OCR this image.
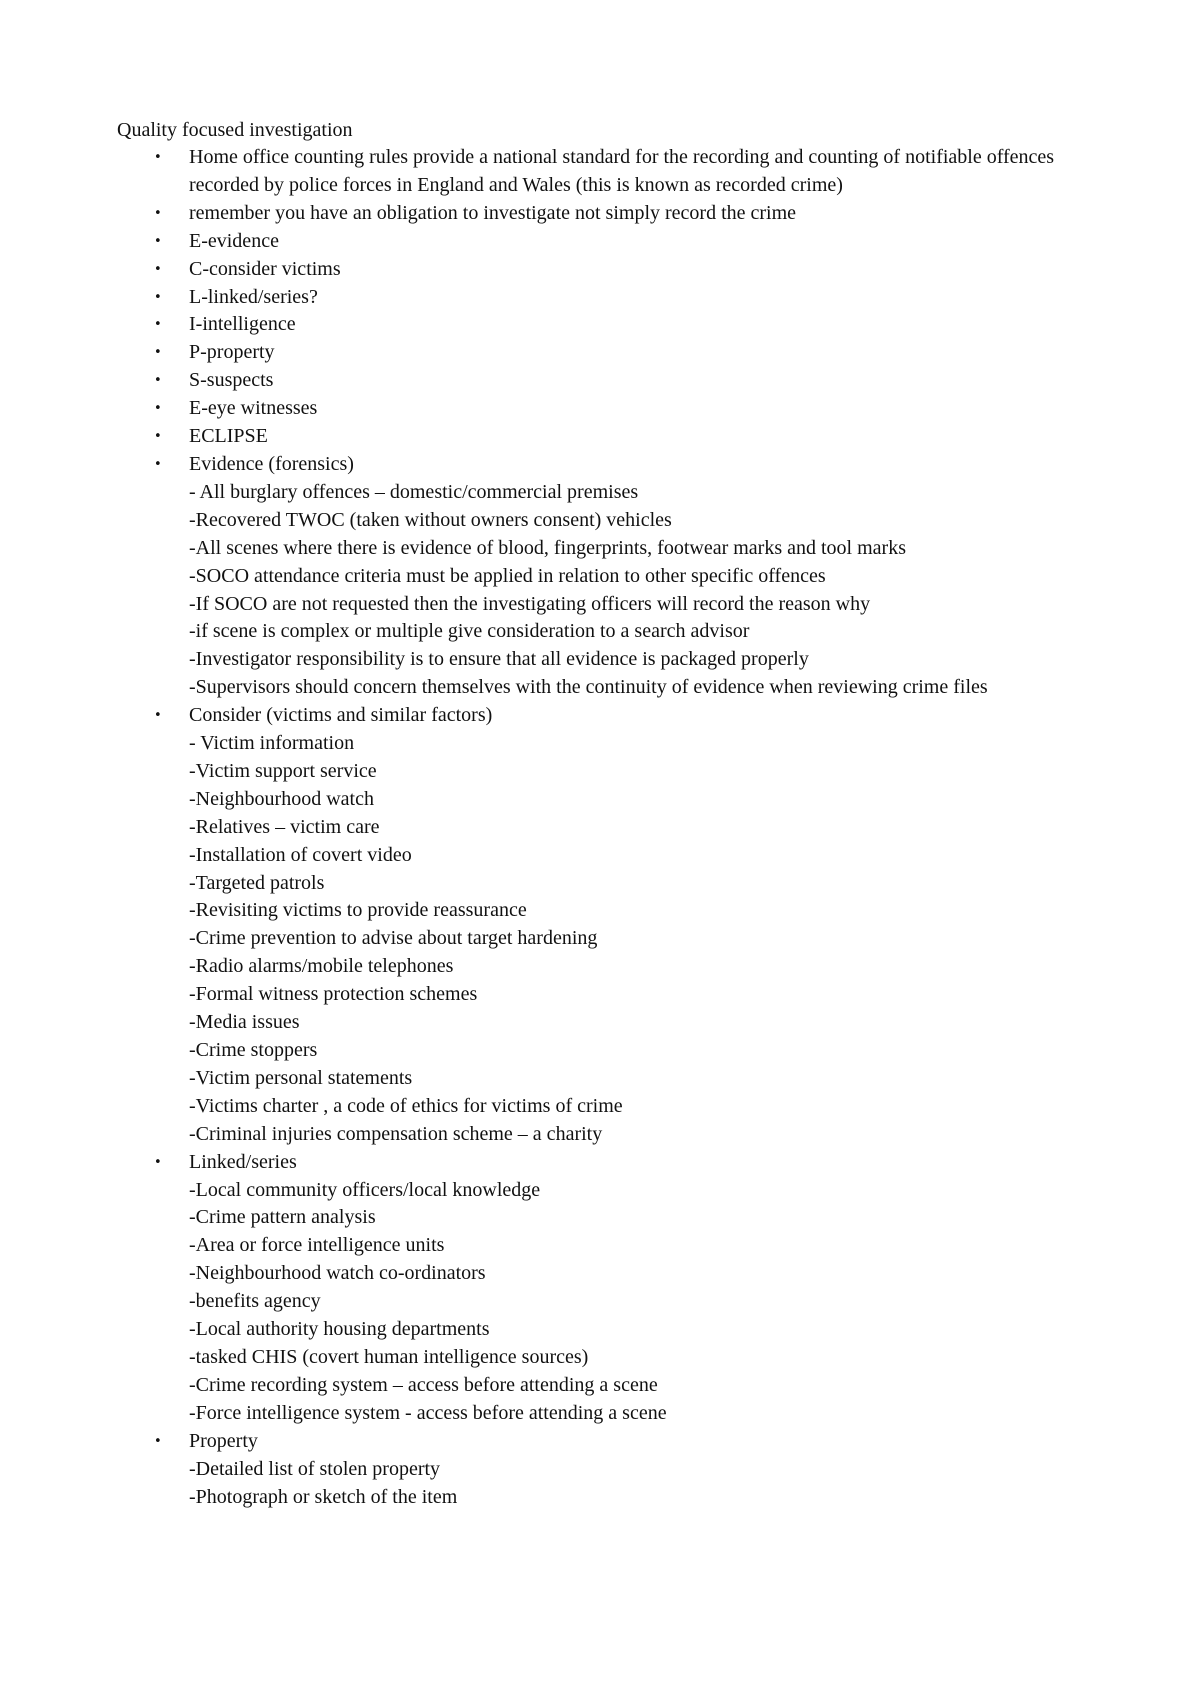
Quality focused investigation
• Home office counting rules provide a national standard for the recording and counting of notifiable offences recorded by police forces in England and Wales (this is known as recorded crime)
• remember you have an obligation to investigate not simply record the crime
• E-evidence
• C-consider victims
• L-linked/series?
• I-intelligence
• P-property
• S-suspects
• E-eye witnesses
• ECLIPSE
• Evidence (forensics)
- All burglary offences – domestic/commercial premises
-Recovered TWOC (taken without owners consent) vehicles
-All scenes where there is evidence of blood, fingerprints, footwear marks and tool marks
-SOCO attendance criteria must be applied in relation to other specific offences
-If SOCO are not requested then the investigating officers will record the reason why
-if scene is complex or multiple give consideration to a search advisor
-Investigator responsibility is to ensure that all evidence is packaged properly
-Supervisors should concern themselves with the continuity of evidence when reviewing crime files
• Consider (victims and similar factors)
- Victim information
-Victim support service
-Neighbourhood watch
-Relatives – victim care
-Installation of covert video
-Targeted patrols
-Revisiting victims to provide reassurance
-Crime prevention to advise about target hardening
-Radio alarms/mobile telephones
-Formal witness protection schemes
-Media issues
-Crime stoppers
-Victim personal statements
-Victims charter , a code of ethics for victims of crime
-Criminal injuries compensation scheme – a charity
• Linked/series
-Local community officers/local knowledge
-Crime pattern analysis
-Area or force intelligence units
-Neighbourhood watch co-ordinators
-benefits agency
-Local authority housing departments
-tasked CHIS (covert human intelligence sources)
-Crime recording system – access before attending a scene
-Force intelligence system - access before attending a scene
• Property
-Detailed list of stolen property
-Photograph or sketch of the item
